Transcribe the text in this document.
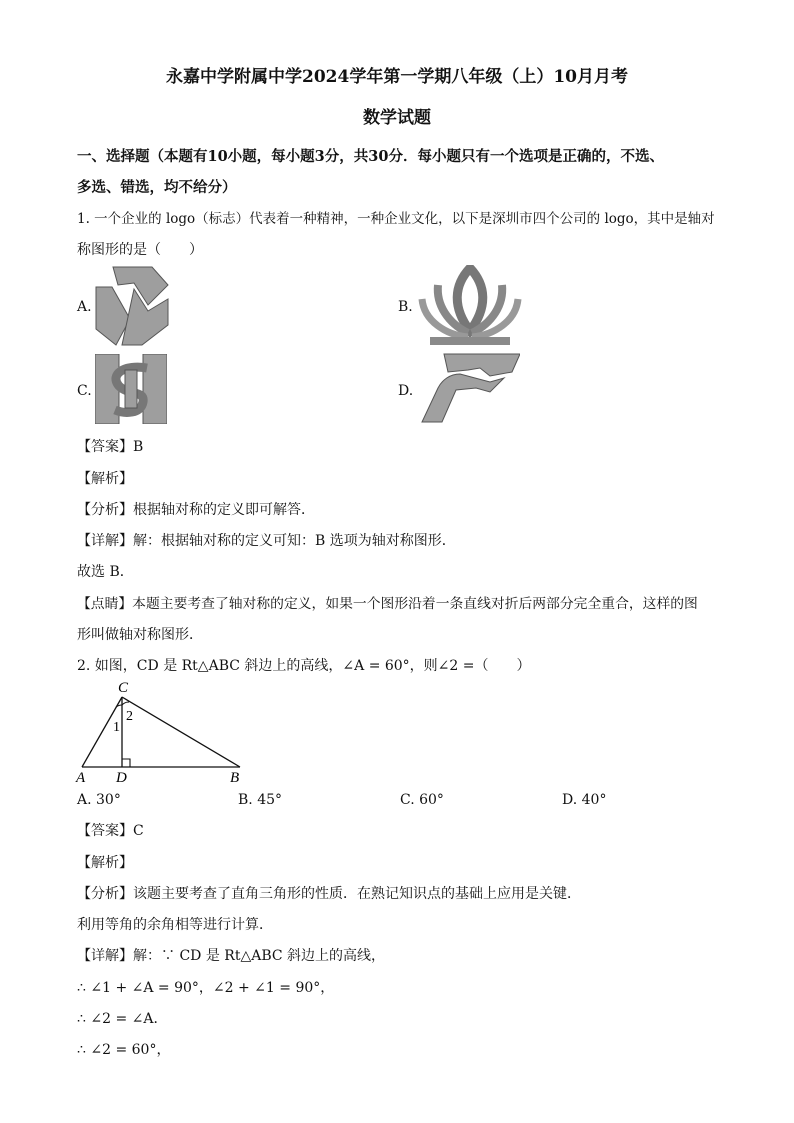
永嘉中学附属中学2024学年第一学期八年级（上）10月月考
数学试题
一、选择题（本题有10小题，每小题3分，共30分．每小题只有一个选项是正确的，不选、
多选、错选，均不给分）
1. 一个企业的 logo（标志）代表着一种精神，一种企业文化，以下是深圳市四个公司的 logo，其中是轴对
称图形的是（　　）
A.	B.
C.	D.
【答案】B
【解析】
【分析】根据轴对称的定义即可解答．
【详解】解：根据轴对称的定义可知：B 选项为轴对称图形．
故选 B．
【点睛】本题主要考查了轴对称的定义，如果一个图形沿着一条直线对折后两部分完全重合，这样的图
形叫做轴对称图形．
2. 如图，CD 是 Rt△ABC 斜边上的高线，∠A = 60°，则∠2 =（　　）
C
1
2
A D	B
A. 30°	B. 45°	C. 60°	D. 40°
【答案】C
【解析】
【分析】该题主要考查了直角三角形的性质．在熟记知识点的基础上应用是关键．
利用等角的余角相等进行计算．
【详解】解：∵ CD 是 Rt△ABC 斜边上的高线，
∴ ∠1 + ∠A = 90°，∠2 + ∠1 = 90°，
∴ ∠2 = ∠A．
∴ ∠2 = 60°，
